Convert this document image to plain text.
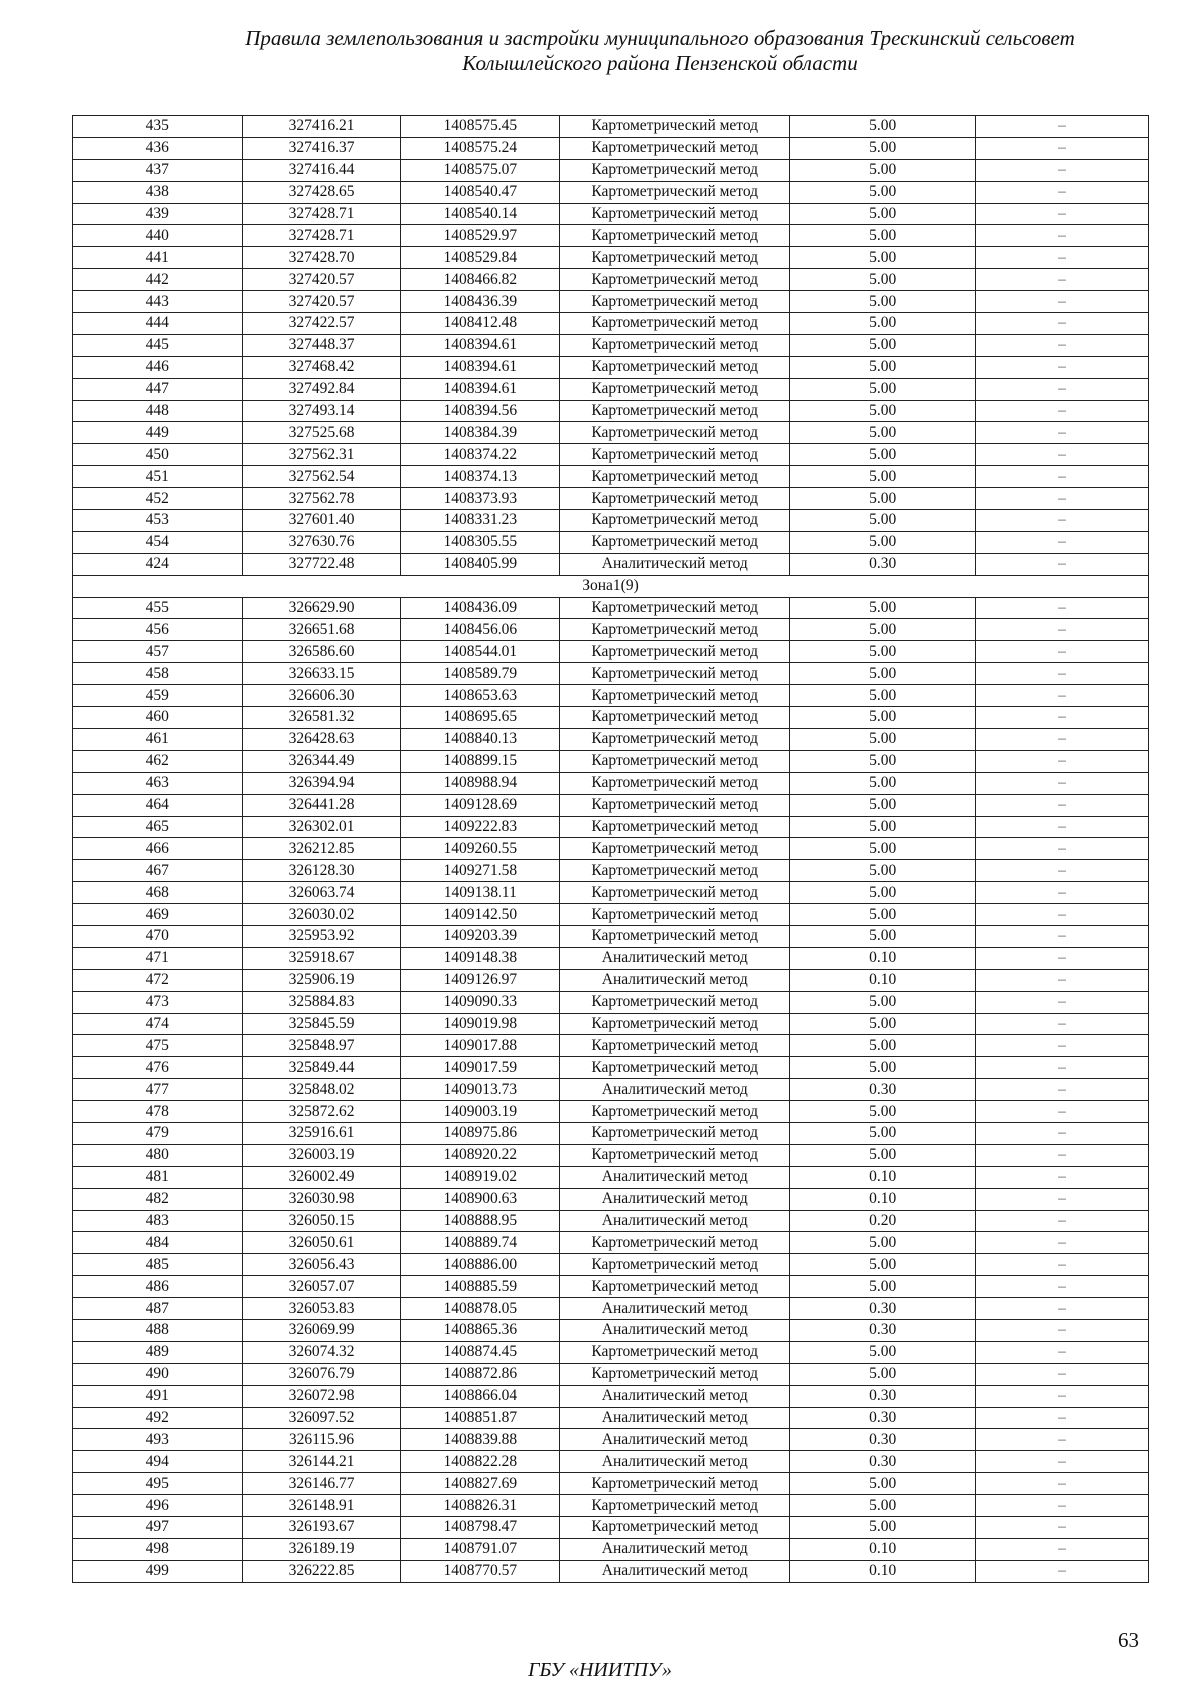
Правила землепользования и застройки муниципального образования Трескинский сельсовет
Колышлейского района Пензенской области
435	327416.21	1408575.45	Картометрический метод	5.00	–
436	327416.37	1408575.24	Картометрический метод	5.00	–
437	327416.44	1408575.07	Картометрический метод	5.00	–
438	327428.65	1408540.47	Картометрический метод	5.00	–
439	327428.71	1408540.14	Картометрический метод	5.00	–
440	327428.71	1408529.97	Картометрический метод	5.00	–
441	327428.70	1408529.84	Картометрический метод	5.00	–
442	327420.57	1408466.82	Картометрический метод	5.00	–
443	327420.57	1408436.39	Картометрический метод	5.00	–
444	327422.57	1408412.48	Картометрический метод	5.00	–
445	327448.37	1408394.61	Картометрический метод	5.00	–
446	327468.42	1408394.61	Картометрический метод	5.00	–
447	327492.84	1408394.61	Картометрический метод	5.00	–
448	327493.14	1408394.56	Картометрический метод	5.00	–
449	327525.68	1408384.39	Картометрический метод	5.00	–
450	327562.31	1408374.22	Картометрический метод	5.00	–
451	327562.54	1408374.13	Картометрический метод	5.00	–
452	327562.78	1408373.93	Картометрический метод	5.00	–
453	327601.40	1408331.23	Картометрический метод	5.00	–
454	327630.76	1408305.55	Картометрический метод	5.00	–
424	327722.48	1408405.99	Аналитический метод	0.30	–
Зона1(9)					
455	326629.90	1408436.09	Картометрический метод	5.00	–
456	326651.68	1408456.06	Картометрический метод	5.00	–
457	326586.60	1408544.01	Картометрический метод	5.00	–
458	326633.15	1408589.79	Картометрический метод	5.00	–
459	326606.30	1408653.63	Картометрический метод	5.00	–
460	326581.32	1408695.65	Картометрический метод	5.00	–
461	326428.63	1408840.13	Картометрический метод	5.00	–
462	326344.49	1408899.15	Картометрический метод	5.00	–
463	326394.94	1408988.94	Картометрический метод	5.00	–
464	326441.28	1409128.69	Картометрический метод	5.00	–
465	326302.01	1409222.83	Картометрический метод	5.00	–
466	326212.85	1409260.55	Картометрический метод	5.00	–
467	326128.30	1409271.58	Картометрический метод	5.00	–
468	326063.74	1409138.11	Картометрический метод	5.00	–
469	326030.02	1409142.50	Картометрический метод	5.00	–
470	325953.92	1409203.39	Картометрический метод	5.00	–
471	325918.67	1409148.38	Аналитический метод	0.10	–
472	325906.19	1409126.97	Аналитический метод	0.10	–
473	325884.83	1409090.33	Картометрический метод	5.00	–
474	325845.59	1409019.98	Картометрический метод	5.00	–
475	325848.97	1409017.88	Картометрический метод	5.00	–
476	325849.44	1409017.59	Картометрический метод	5.00	–
477	325848.02	1409013.73	Аналитический метод	0.30	–
478	325872.62	1409003.19	Картометрический метод	5.00	–
479	325916.61	1408975.86	Картометрический метод	5.00	–
480	326003.19	1408920.22	Картометрический метод	5.00	–
481	326002.49	1408919.02	Аналитический метод	0.10	–
482	326030.98	1408900.63	Аналитический метод	0.10	–
483	326050.15	1408888.95	Аналитический метод	0.20	–
484	326050.61	1408889.74	Картометрический метод	5.00	–
485	326056.43	1408886.00	Картометрический метод	5.00	–
486	326057.07	1408885.59	Картометрический метод	5.00	–
487	326053.83	1408878.05	Аналитический метод	0.30	–
488	326069.99	1408865.36	Аналитический метод	0.30	–
489	326074.32	1408874.45	Картометрический метод	5.00	–
490	326076.79	1408872.86	Картометрический метод	5.00	–
491	326072.98	1408866.04	Аналитический метод	0.30	–
492	326097.52	1408851.87	Аналитический метод	0.30	–
493	326115.96	1408839.88	Аналитический метод	0.30	–
494	326144.21	1408822.28	Аналитический метод	0.30	–
495	326146.77	1408827.69	Картометрический метод	5.00	–
496	326148.91	1408826.31	Картометрический метод	5.00	–
497	326193.67	1408798.47	Картометрический метод	5.00	–
498	326189.19	1408791.07	Аналитический метод	0.10	–
499	326222.85	1408770.57	Аналитический метод	0.10	–
63
ГБУ «НИИТПУ»
